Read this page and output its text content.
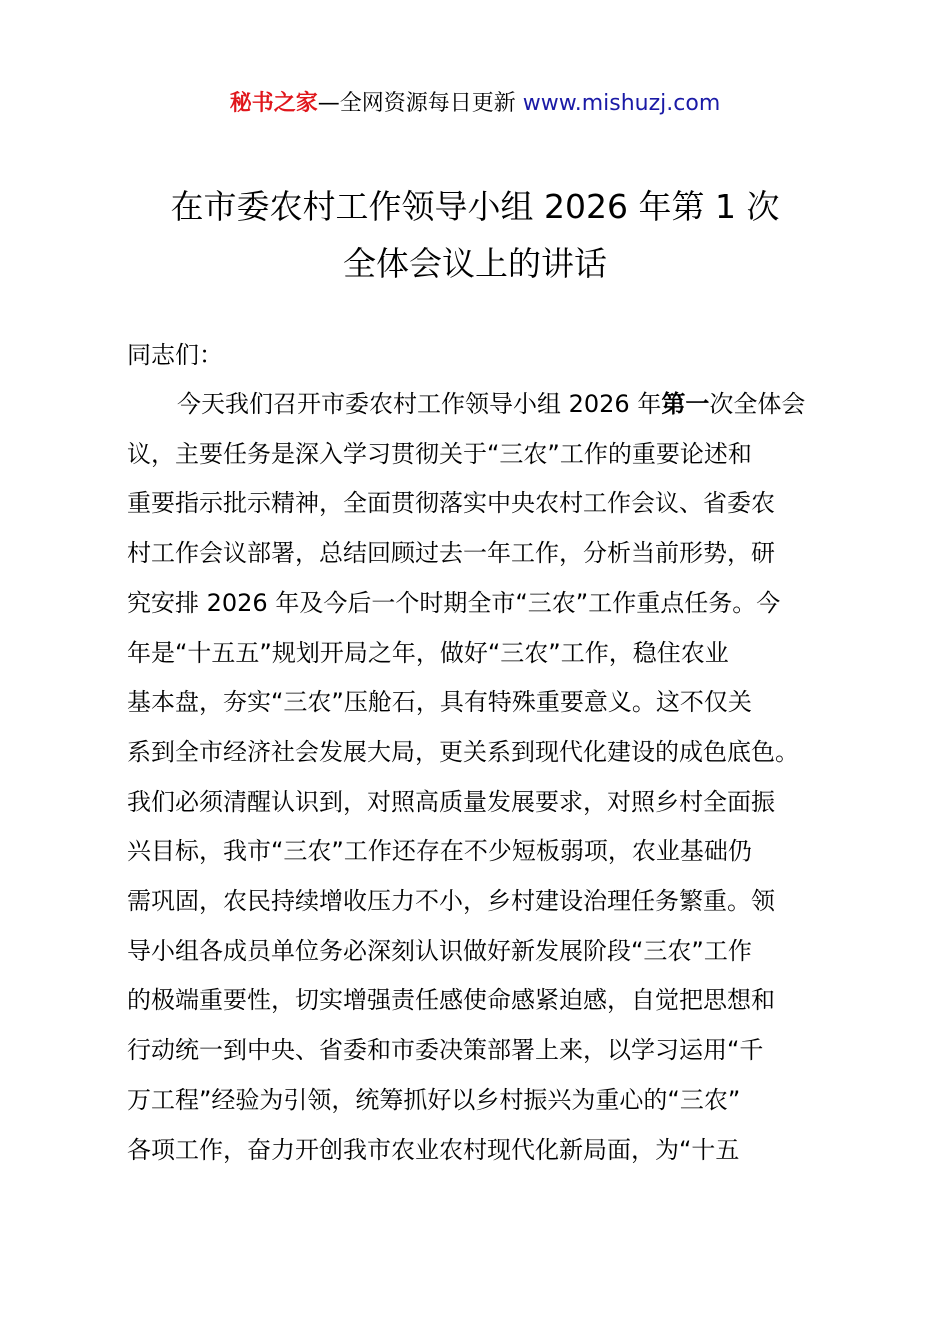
秘书之家—全网资源每日更新 www.mishuzj.com
在市委农村工作领导小组 2026 年第 1 次
全体会议上的讲话
同志们：
今天我们召开市委农村工作领导小组 2026 年第一次全体会
议，主要任务是深入学习贯彻关于“三农”工作的重要论述和
重要指示批示精神，全面贯彻落实中央农村工作会议、省委农
村工作会议部署，总结回顾过去一年工作，分析当前形势，研
究安排 2026 年及今后一个时期全市“三农”工作重点任务。今
年是“十五五”规划开局之年，做好“三农”工作，稳住农业
基本盘，夯实“三农”压舱石，具有特殊重要意义。这不仅关
系到全市经济社会发展大局，更关系到现代化建设的成色底色。
我们必须清醒认识到，对照高质量发展要求，对照乡村全面振
兴目标，我市“三农”工作还存在不少短板弱项，农业基础仍
需巩固，农民持续增收压力不小，乡村建设治理任务繁重。领
导小组各成员单位务必深刻认识做好新发展阶段“三农”工作
的极端重要性，切实增强责任感使命感紧迫感，自觉把思想和
行动统一到中央、省委和市委决策部署上来，以学习运用“千
万工程”经验为引领，统筹抓好以乡村振兴为重心的“三农”
各项工作，奋力开创我市农业农村现代化新局面，为“十五
